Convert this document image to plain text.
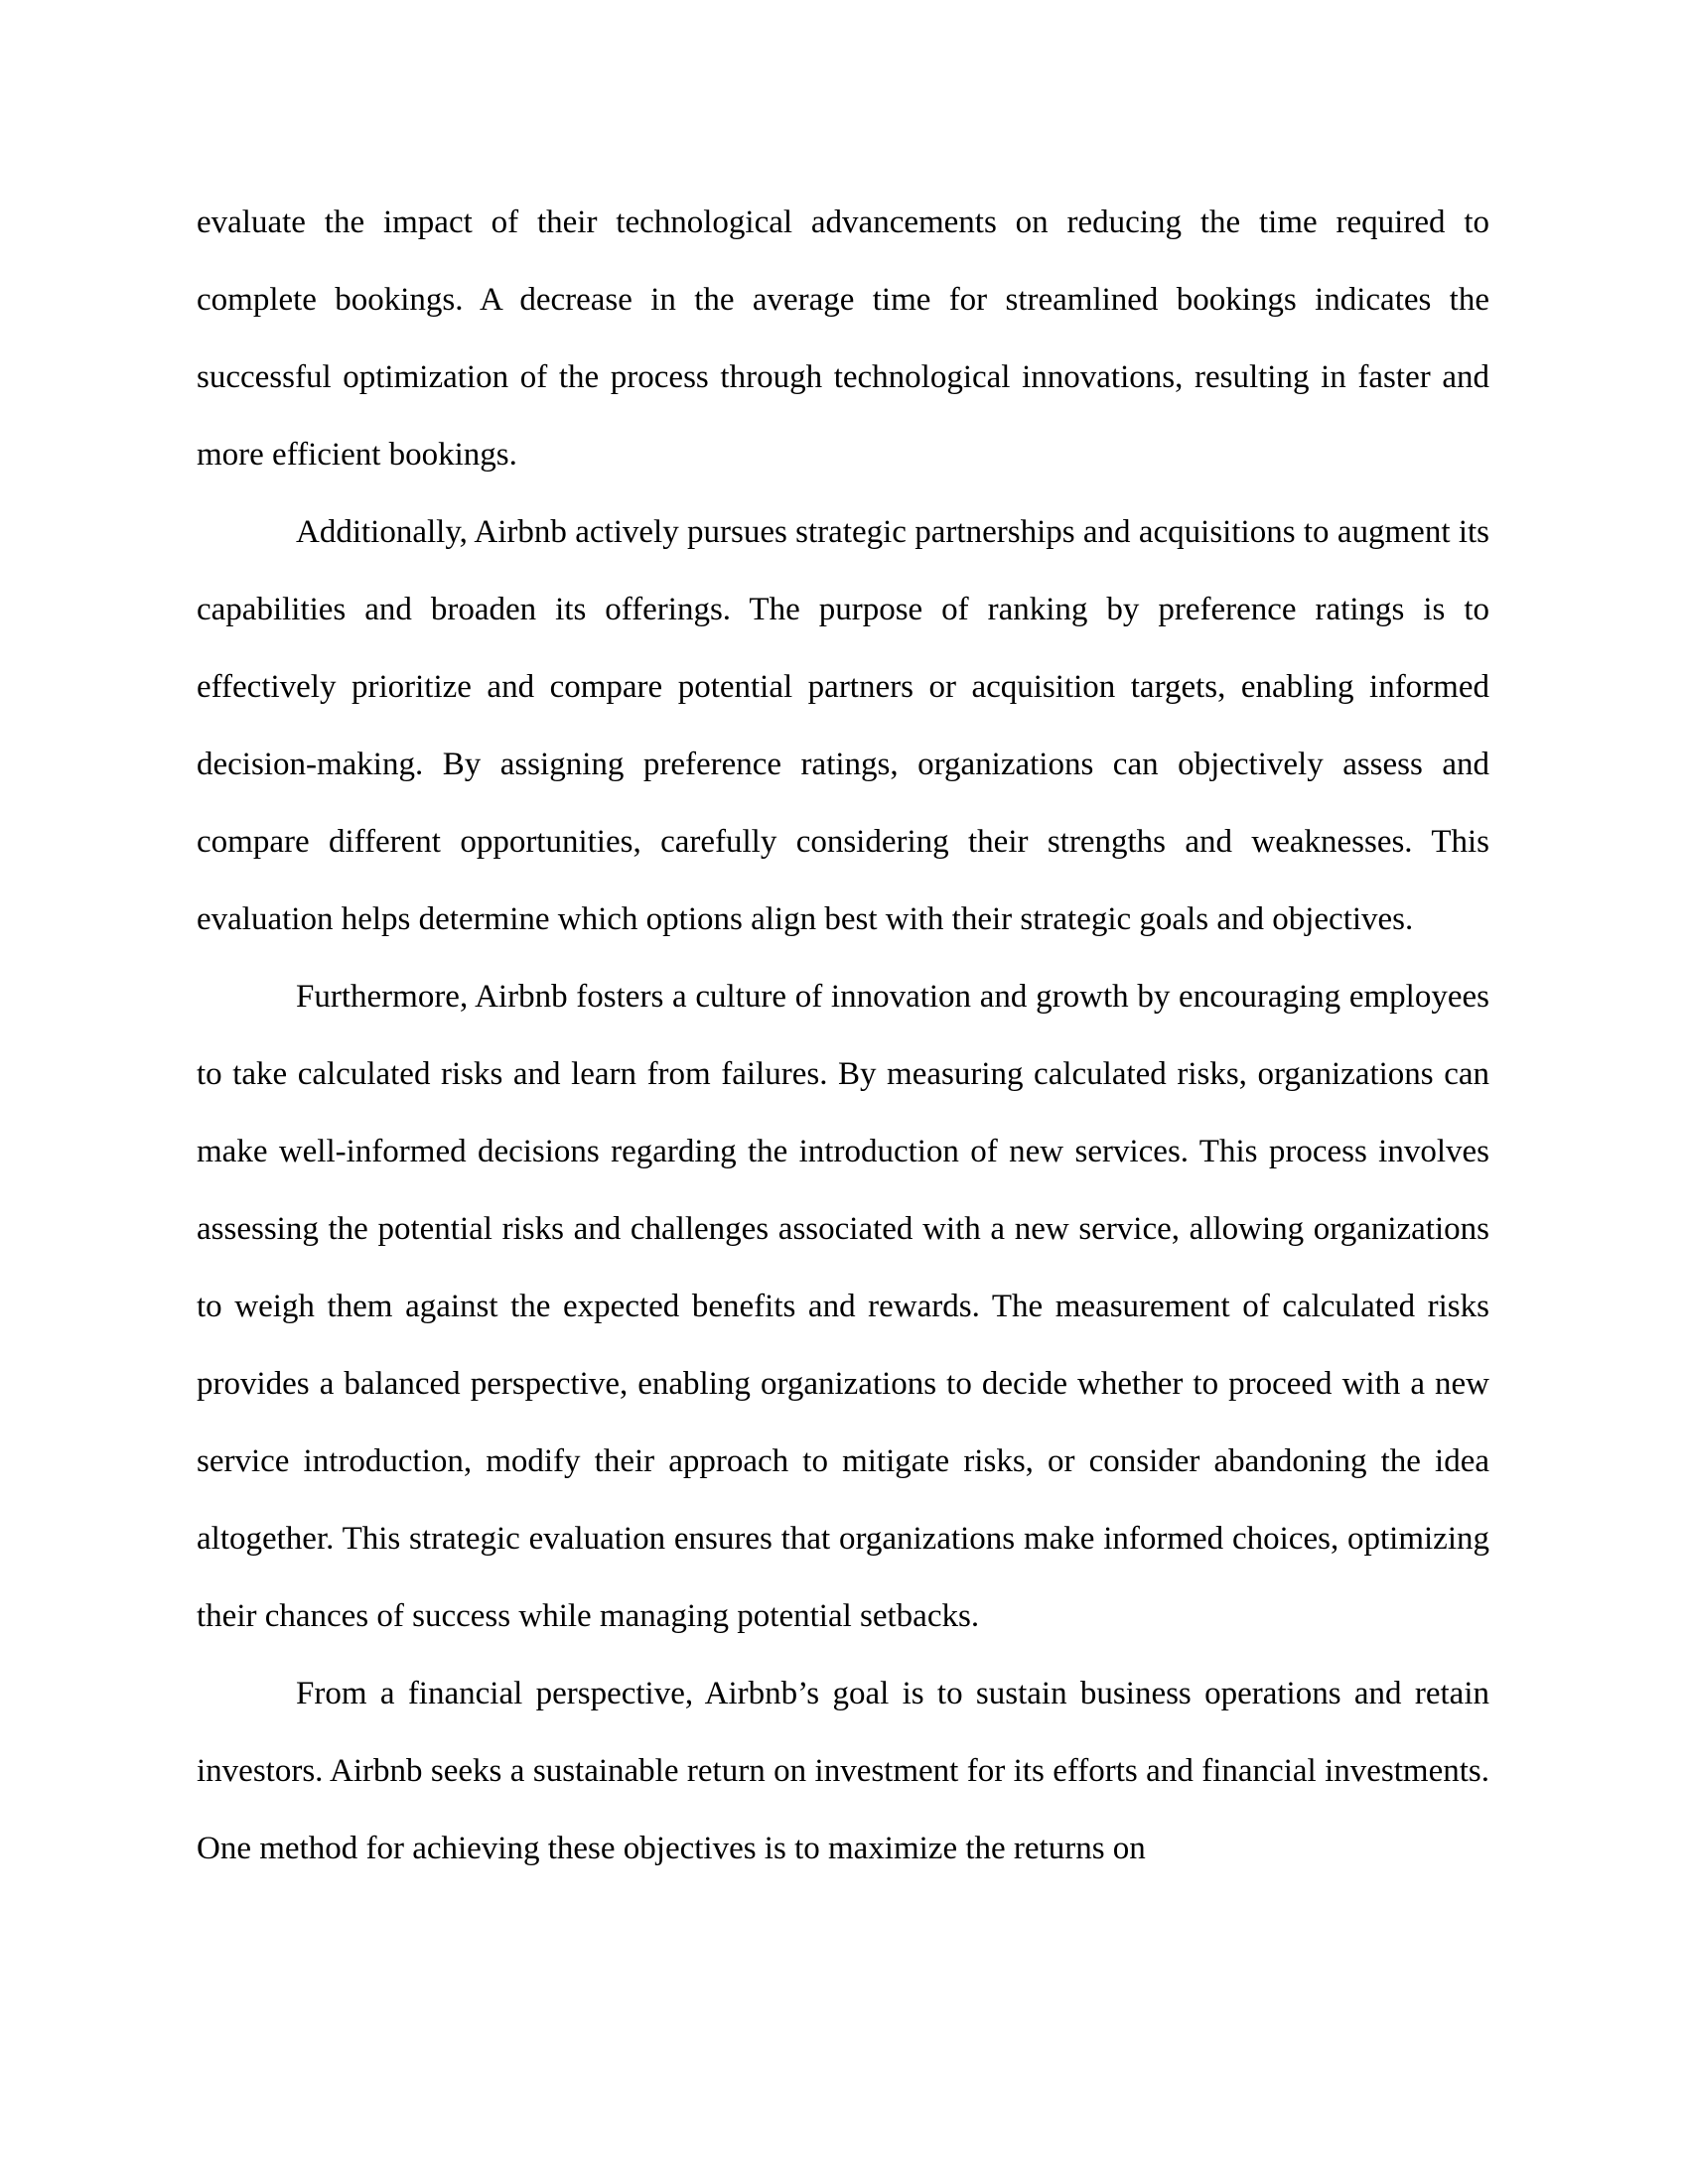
evaluate the impact of their technological advancements on reducing the time required to complete bookings. A decrease in the average time for streamlined bookings indicates the successful optimization of the process through technological innovations, resulting in faster and more efficient bookings.

Additionally, Airbnb actively pursues strategic partnerships and acquisitions to augment its capabilities and broaden its offerings. The purpose of ranking by preference ratings is to effectively prioritize and compare potential partners or acquisition targets, enabling informed decision-making. By assigning preference ratings, organizations can objectively assess and compare different opportunities, carefully considering their strengths and weaknesses. This evaluation helps determine which options align best with their strategic goals and objectives.

Furthermore, Airbnb fosters a culture of innovation and growth by encouraging employees to take calculated risks and learn from failures. By measuring calculated risks, organizations can make well-informed decisions regarding the introduction of new services. This process involves assessing the potential risks and challenges associated with a new service, allowing organizations to weigh them against the expected benefits and rewards. The measurement of calculated risks provides a balanced perspective, enabling organizations to decide whether to proceed with a new service introduction, modify their approach to mitigate risks, or consider abandoning the idea altogether. This strategic evaluation ensures that organizations make informed choices, optimizing their chances of success while managing potential setbacks.

From a financial perspective, Airbnb’s goal is to sustain business operations and retain investors. Airbnb seeks a sustainable return on investment for its efforts and financial investments. One method for achieving these objectives is to maximize the returns on
